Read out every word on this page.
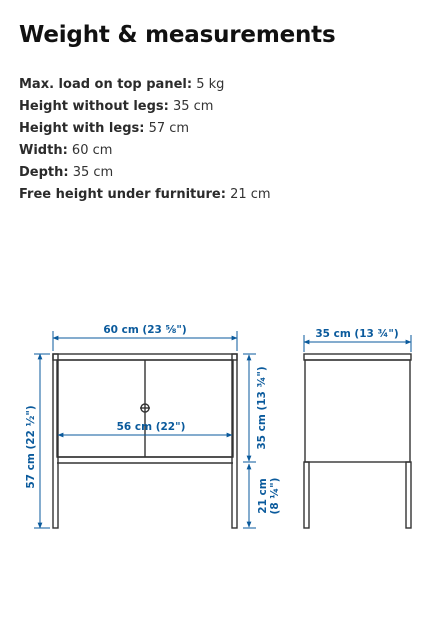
Weight & measurements
Max. load on top panel: 5 kg
Height without legs: 35 cm
Height with legs: 57 cm
Width: 60 cm
Depth: 35 cm
Free height under furniture: 21 cm
60 cm (23 ⅝")
56 cm (22")
57 cm (22 ½")	35 cm (13 ¾")
21 cm (8 ¼")
35 cm (13 ¾")
